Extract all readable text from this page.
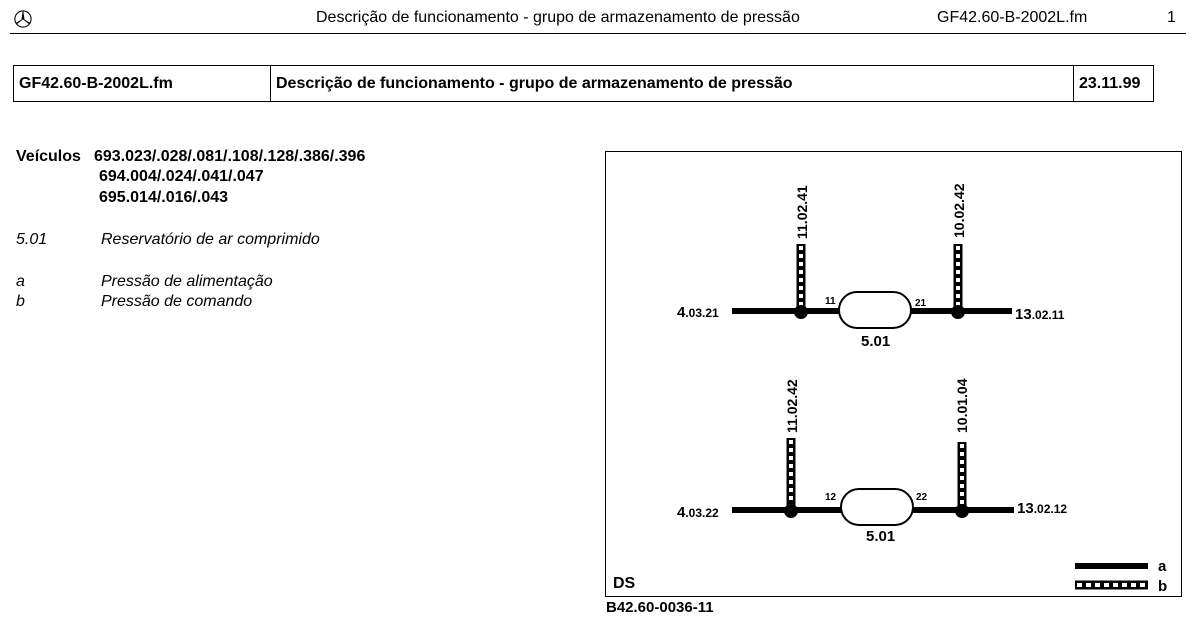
Descrição de funcionamento - grupo de armazenamento de pressão	GF42.60-B-2002L.fm	1
GF42.60-B-2002L.fm	Descrição de funcionamento - grupo de armazenamento de pressão	23.11.99
Veículos 693.023/.028/.081/.108/.128/.386/.396
694.004/.024/.041/.047
695.014/.016/.043
5.01	Reservatório de ar comprimido
a	Pressão de alimentação
b	Pressão de comando
4.03.21	13.02.11
11	21
5.01
11.02.41	10.02.42
4.03.22	13.02.12
12	22
5.01
11.02.42	10.01.04
DS
a
b
B42.60-0036-11
